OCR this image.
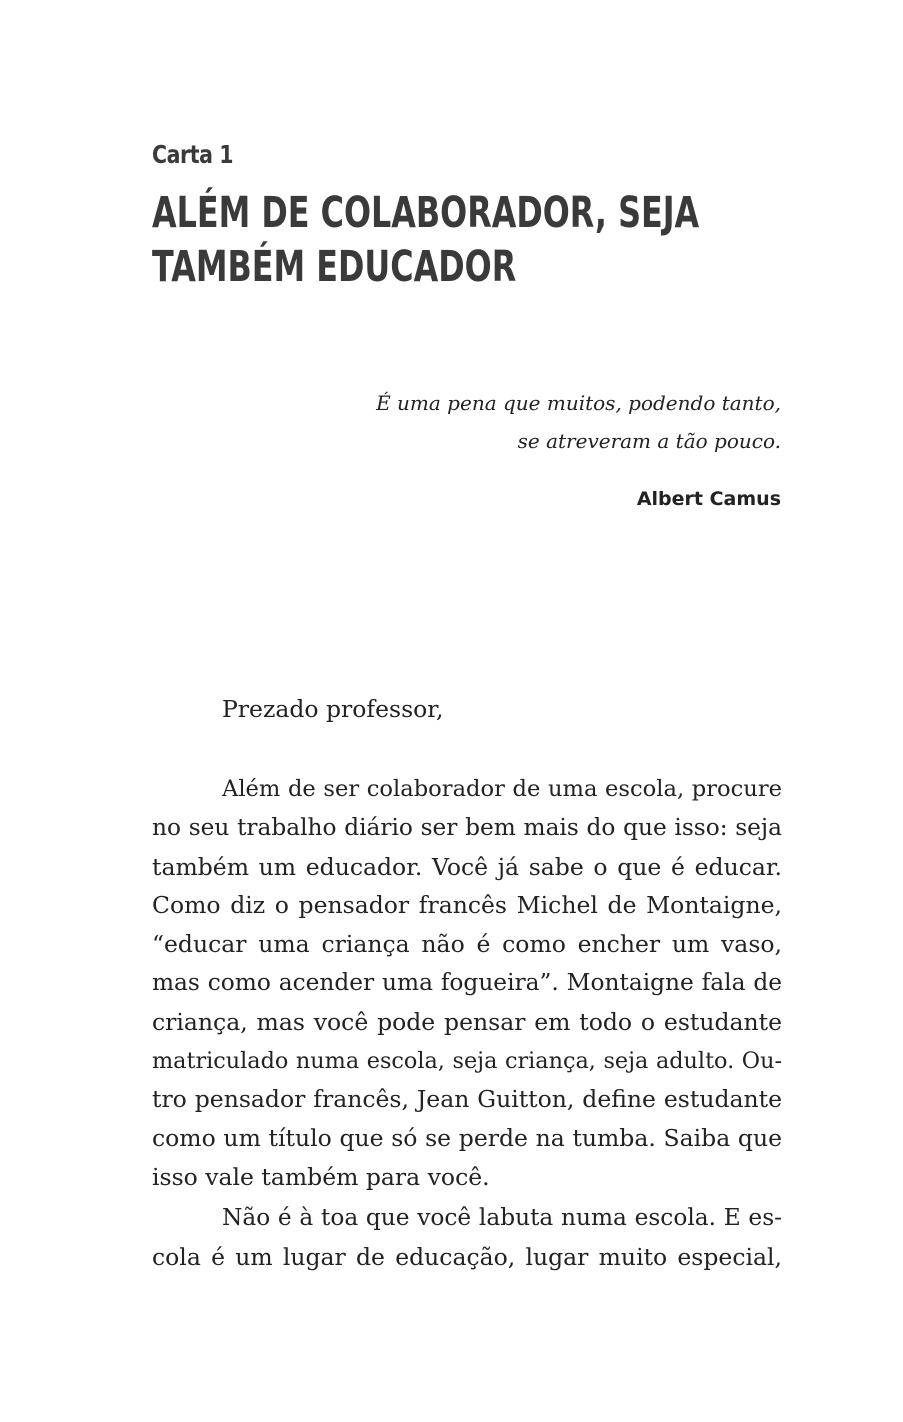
Carta 1
ALÉM DE COLABORADOR, SEJA
TAMBÉM EDUCADOR
É uma pena que muitos, podendo tanto,
se atreveram a tão pouco.
Albert Camus
Prezado professor,
Além de ser colaborador de uma escola, procure
no seu trabalho diário ser bem mais do que isso: seja
também um educador. Você já sabe o que é educar.
Como diz o pensador francês Michel de Montaigne,
“educar uma criança não é como encher um vaso,
mas como acender uma fogueira”. Montaigne fala de
criança, mas você pode pensar em todo o estudante
matriculado numa escola, seja criança, seja adulto. Ou-
tro pensador francês, Jean Guitton, define estudante
como um título que só se perde na tumba. Saiba que
isso vale também para você.
Não é à toa que você labuta numa escola. E es-
cola é um lugar de educação, lugar muito especial,
